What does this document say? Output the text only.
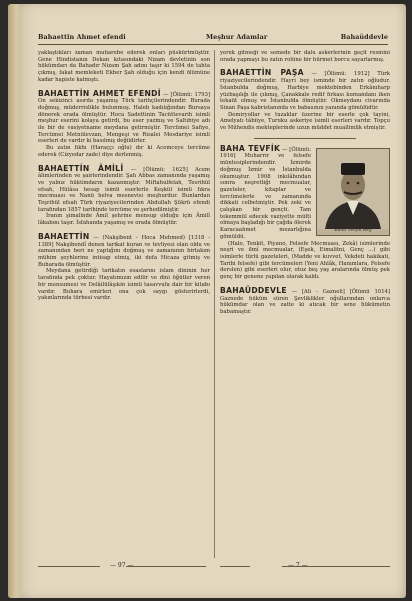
Bahaettin Ahmet efendi	Meşhur Adamlar	Bahaüddevle

yaklaştıkları zaman muharebe ederek onları püskürtmüştür. Gene Hindistanın Dekan kıtasındaki Nizam devletinin son hükümdarı da Bahadır Nizam Şah adını taşır ki 1594 de tahta çıkmış, fakat memleketi Ekber Şah olduğu için kendi ölümüne kadar hapiste kalmıştı.

BAHAETTİN AHMET EFENDİ — [Ölümü: 1793] On sekizinci asırda yaşamış Türk tarihçilerindendir. Burada doğmuş, müderrislikle bulunmuş. Haleb kadılığından Bursaya dönerek orada ölmüştür. Hoca Sadettinin Tacüttevarih isimli meşhur eserini kolaya getirdi, bu eser yazmış ve Saltıbiye adı ile bir de vasiyetname meydana getirmiştir. Tercümei Safiye, Tercümei Metnülevzan, Mengeşi ve Risalei Mesdariye isimli eserleri de vardır ki basılmış değildirler.

Bu zatın fıkhı (Haraççı oğlu) dır ki Acemceye tercüme ederek (Cizyedar zade) diye derlenmiş.

BAHAETTİN ÂMİLÎ — [Ölümü: 1625] Acem âlimlerinden ve şairlerindendir. Şah Abbas zamanında yaşamış ve yalnız hükümdarın kazanmıştır. Miftahulfelah, Tesrihül efsah, Hülâsa hesap isimli eserlerle Keşkül isimli fıkra mecmuası ve Nanü helva mesnevisi meşhurdur. Bunlardan Teşrihül efsah Türk riyaziyecilerinden Abdullah Şükrü efendi tarafından 1857 tarihinde tercüme ve şerhedilmiştir.

İranın şimalinde Âmil şehrine mensup olduğu için Âmilî lâkabını taşır. İsfahanda yaşamış ve orada ölmüştür.

BAHAETTİN — (Nakşibent - Hoca Mehmed) [1318 - 1389] Nakşibendî denen tarikat kuran ve tevliyesi olan oldu ve zamanından beri ne yaptığını doğmuş ve zamanının birtakım mühim şeyhlerine intisap etmiş, iki defa Hicaza gitmiş ve Buharada ölmüştür.

Meydana getirdiği tarikatın esaslarını islam dininin her tarafında pek çoktur. Hayatımızın edilir ve dini öğütler veren bir mensumesi ve Delâilülâşıkin isimli tasavvufa dair bir kitabı vardır. Buhara emirleri ona çok saygı gösterirlerdi, yakınlarında türbesi vardır.

yerek gitmeği ve semede bir dalu askerlerinin geçit resmini orada yapmayı bu zatın rolüne bir hürmet borcu sayarlarmış.

BAHAETTİN PAŞA — [Ölümü: 1912] Türk riyaziyecilerindendir. Hayri bey isminde bir zatın oğludur. İstanbulda doğmuş, Harbiye mektebinden Erkânıharp yüzbaşılığı ile çıkmış, Çanakkale redif fırkası kumandanı iken tekaüt olmuş ve İstanbulda ölmüştür. Okmeydanı civarında Sinan Paşa kabristanında ve babasının yanında gömülüdür.

Demiryollar ve tuzaklar üzerine bir eserle çok tayini, Amelyatı tâbiiye, Turuku askeriye isimli eserleri vardır. Topçu ve Mühendis mekteplerinde uzun müddet muallimlik etmiştir.

Baha Tevfik Bey

BAHA TEVFİK — [Ölümü: 1916] Muharrir ve felsefe müntesiplerindendir. İzmirde doğmuş İzmir ve İstanbulda okumuştur. 1908 inkılâbından sonra neşrettiği mecmualar, gazeteler, kitaplar ve tercümelerle ve zamanında dikkati celbetmiştir. Pek zeki ve çalışkan bir gençti. Tam tekemmül edecek vaziyette mülti olmaya başladığı bir çağda ölerek Karacaahmet mezarlığına gömüldü.

(Halo, Tenkit, Piyano, Felsefe Mecmuası, Zekâ) isimlerinde neşri ve ilmî mecmualar, (Eşek, Eimalitni, Genç ...) gibi isimlerle türlü gazeteleri, (Madde ve kuvvet, Vekdeti hakikati, Tarihi felsefe) gibi tercümeleri (Yeni Ahlâk, Hanımlara, Felsefe derslen) gibi eserleri olur, otuz beş yaş aralarında ölmüş pek genç bir genene yapılan olarak kaldı.

BAHAÜDDEVLE — [Ali - Gazneli] [Ölümü 1014] Gaznede hüküm süren Şevliklikler oğullarından onlarca hükümdar olan ve zatte ki atıcak bir sene hükümetin babamaştır.

— 97 —	— 7 —
